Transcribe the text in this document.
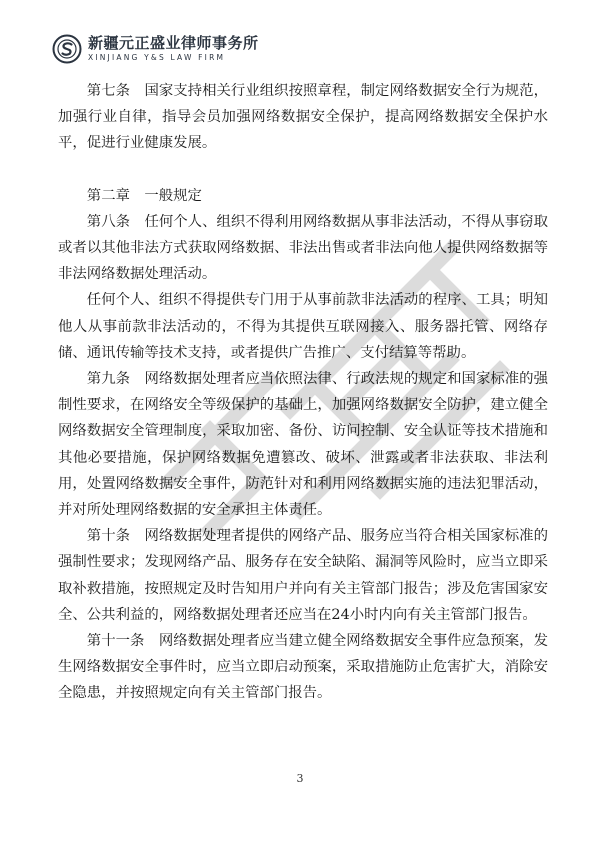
新疆元正盛业律师事务所
XINJIANG Y&S LAW FIRM

第七条　国家支持相关行业组织按照章程，制定网络数据安全行为规范，加强行业自律，指导会员加强网络数据安全保护，提高网络数据安全保护水平，促进行业健康发展。

第二章　一般规定

第八条　任何个人、组织不得利用网络数据从事非法活动，不得从事窃取或者以其他非法方式获取网络数据、非法出售或者非法向他人提供网络数据等非法网络数据处理活动。

任何个人、组织不得提供专门用于从事前款非法活动的程序、工具；明知他人从事前款非法活动的，不得为其提供互联网接入、服务器托管、网络存储、通讯传输等技术支持，或者提供广告推广、支付结算等帮助。

第九条　网络数据处理者应当依照法律、行政法规的规定和国家标准的强制性要求，在网络安全等级保护的基础上，加强网络数据安全防护，建立健全网络数据安全管理制度，采取加密、备份、访问控制、安全认证等技术措施和其他必要措施，保护网络数据免遭篡改、破坏、泄露或者非法获取、非法利用，处置网络数据安全事件，防范针对和利用网络数据实施的违法犯罪活动，并对所处理网络数据的安全承担主体责任。

第十条　网络数据处理者提供的网络产品、服务应当符合相关国家标准的强制性要求；发现网络产品、服务存在安全缺陷、漏洞等风险时，应当立即采取补救措施，按照规定及时告知用户并向有关主管部门报告；涉及危害国家安全、公共利益的，网络数据处理者还应当在24小时内向有关主管部门报告。

第十一条　网络数据处理者应当建立健全网络数据安全事件应急预案，发生网络数据安全事件时，应当立即启动预案，采取措施防止危害扩大，消除安全隐患，并按照规定向有关主管部门报告。

3
